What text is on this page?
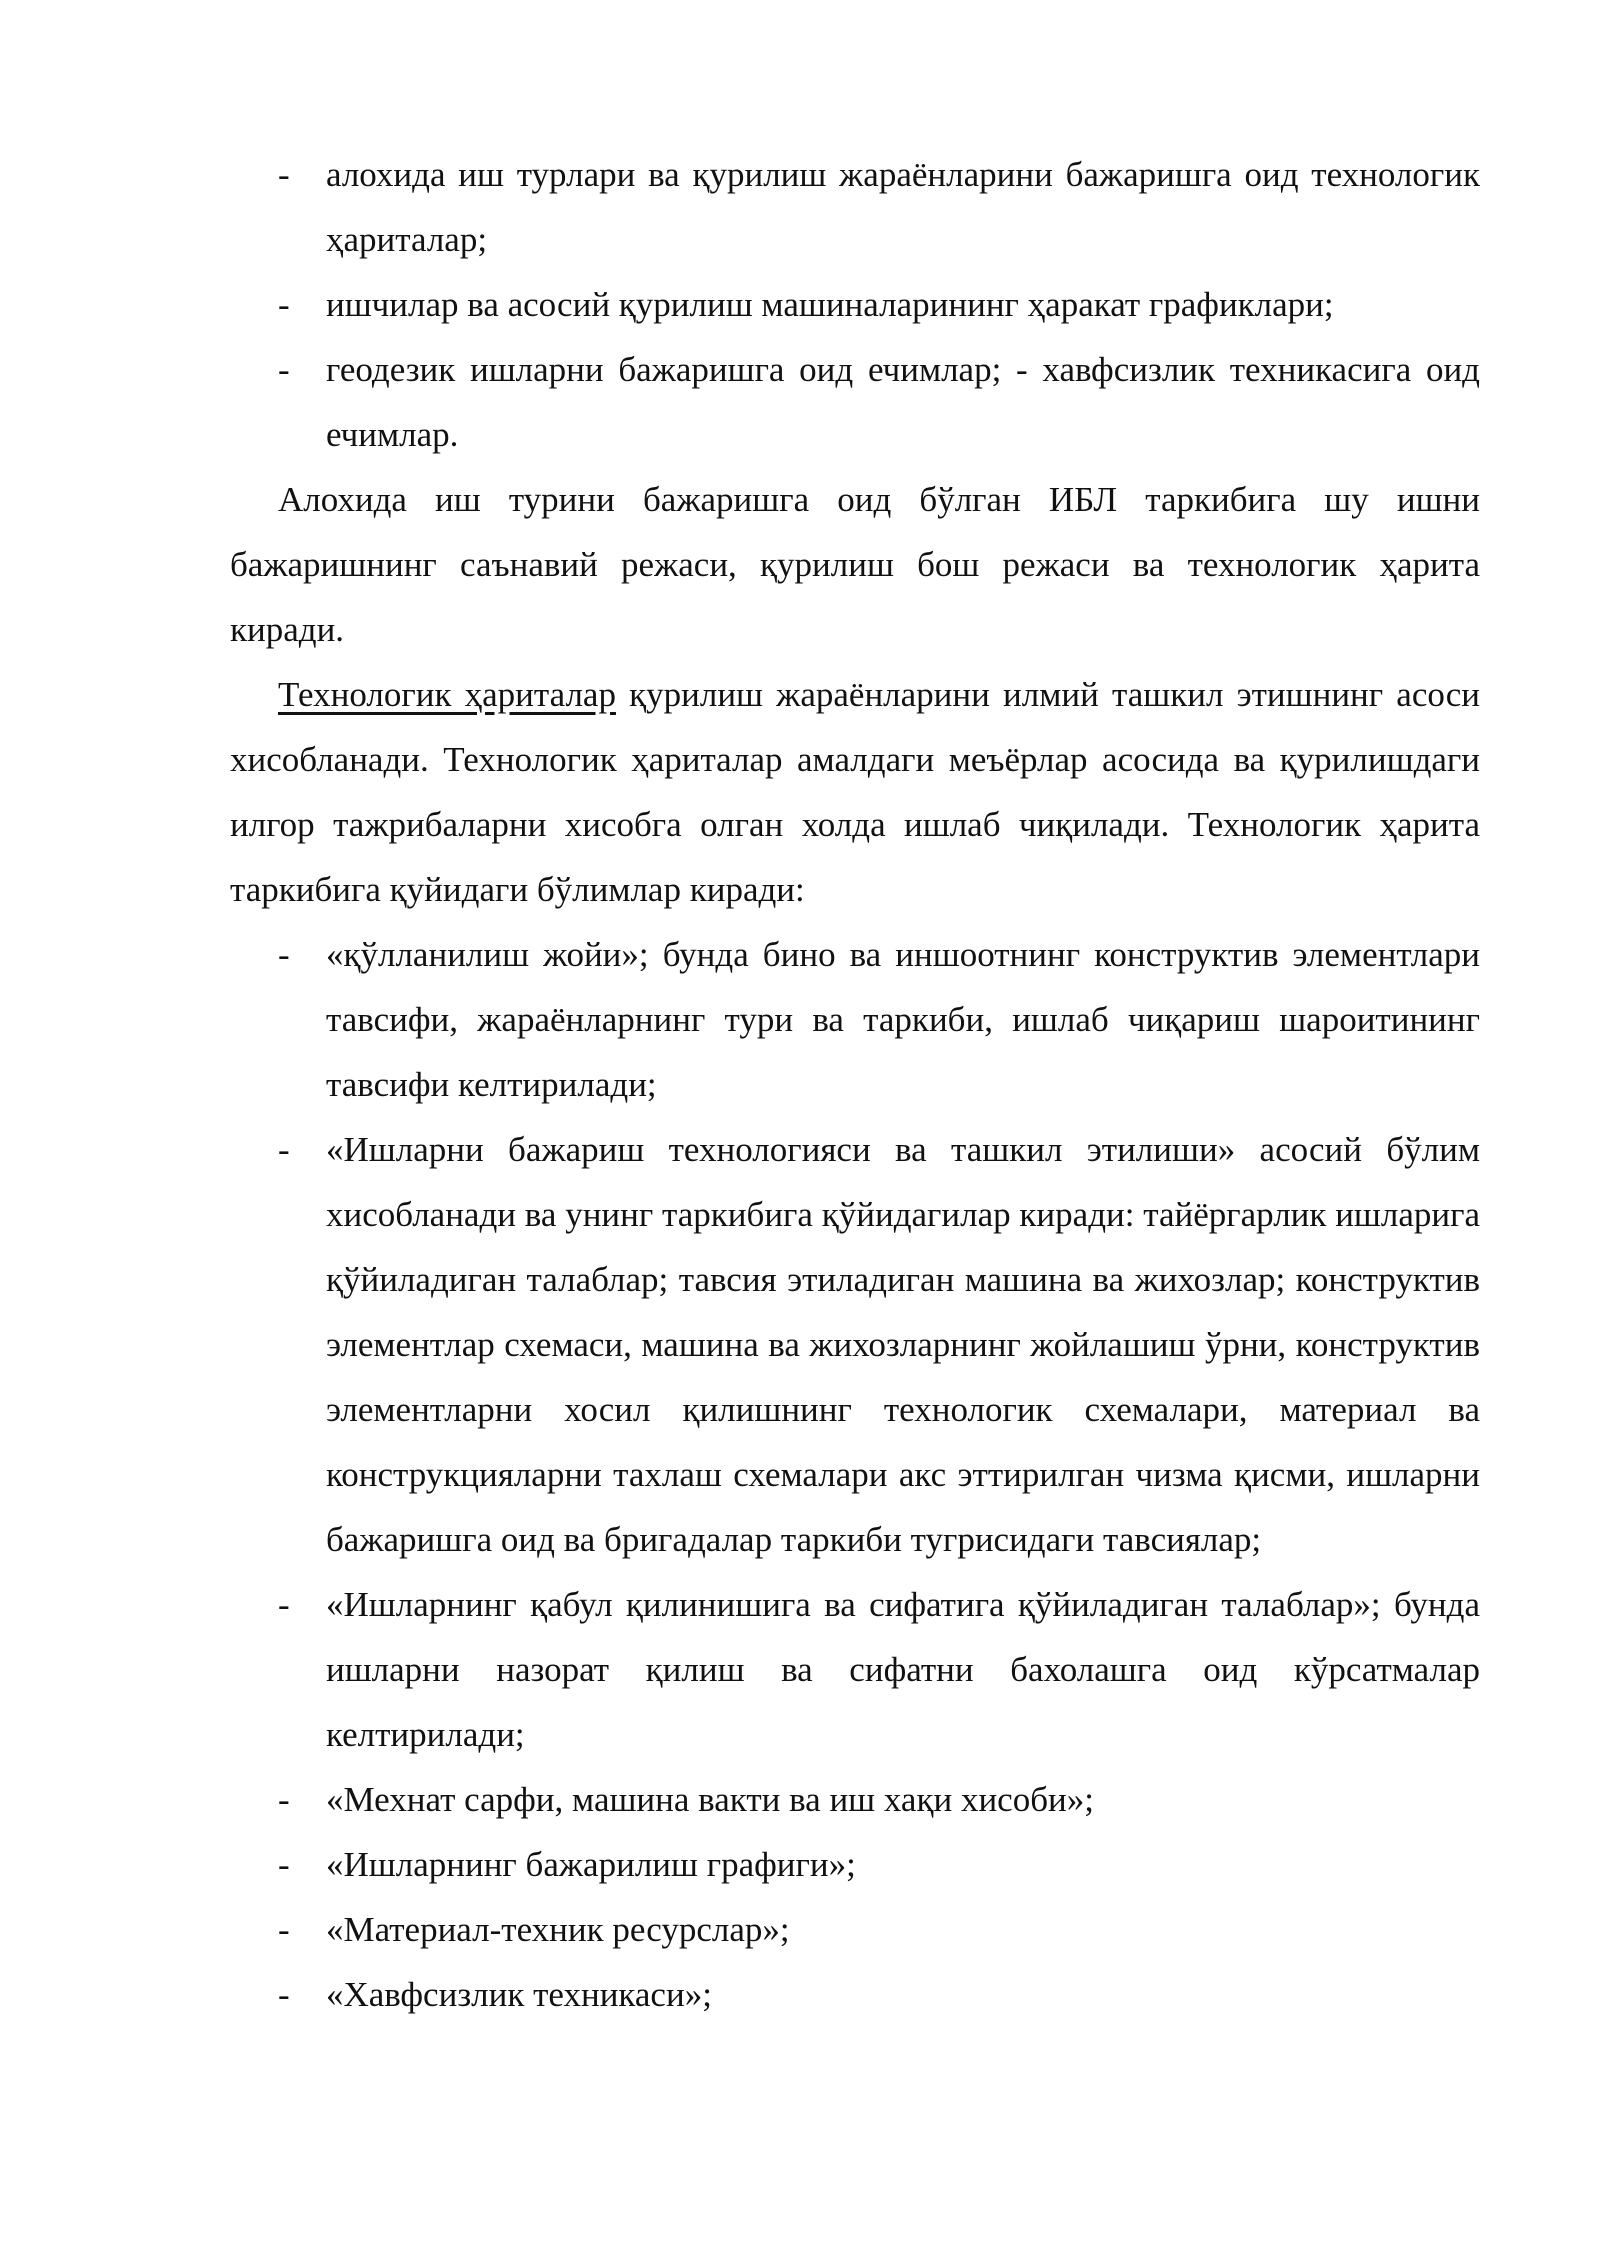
-	алохида иш турлари ва қурилиш жараёнларини бажаришга оид технологик ҳариталар;
-	ишчилар ва асосий қурилиш машиналарининг ҳаракат графиклари;
-	геодезик ишларни бажаришга оид ечимлар; - хавфсизлик техникасига оид ечимлар.

Алохида иш турини бажаришга оид бўлган ИБЛ таркибига шу ишни бажаришнинг саънавий режаси, қурилиш бош режаси ва технологик ҳарита киради.

Технологик ҳариталар қурилиш жараёнларини илмий ташкил этишнинг асоси хисобланади. Технологик ҳариталар амалдаги меъёрлар асосида ва қурилишдаги илгор тажрибаларни хисобга олган холда ишлаб чиқилади. Технологик ҳарита таркибига қуйидаги бўлимлар киради:

-	«қўлланилиш жойи»; бунда бино ва иншоотнинг конструктив элементлари тавсифи, жараёнларнинг тури ва таркиби, ишлаб чиқариш шароитининг тавсифи келтирилади;
-	«Ишларни бажариш технологияси ва ташкил этилиши» асосий бўлим хисобланади ва унинг таркибига қўйидагилар киради: тайёргарлик ишларига қўйиладиган талаблар; тавсия этиладиган машина ва жихозлар; конструктив элементлар схемаси, машина ва жихозларнинг жойлашиш ўрни, конструктив элементларни хосил қилишнинг технологик схемалари, материал ва конструкцияларни тахлаш схемалари акс эттирилган чизма қисми, ишларни бажаришга оид ва бригадалар таркиби тугрисидаги тавсиялар;
-	«Ишларнинг қабул қилинишига ва сифатига қўйиладиган талаблар»; бунда ишларни назорат қилиш ва сифатни бахолашга оид кўрсатмалар келтирилади;
-	«Мехнат сарфи, машина вакти ва иш хақи хисоби»;
-	«Ишларнинг бажарилиш графиги»;
-	«Материал-техник ресурслар»;
-	«Хавфсизлик техникаси»;
